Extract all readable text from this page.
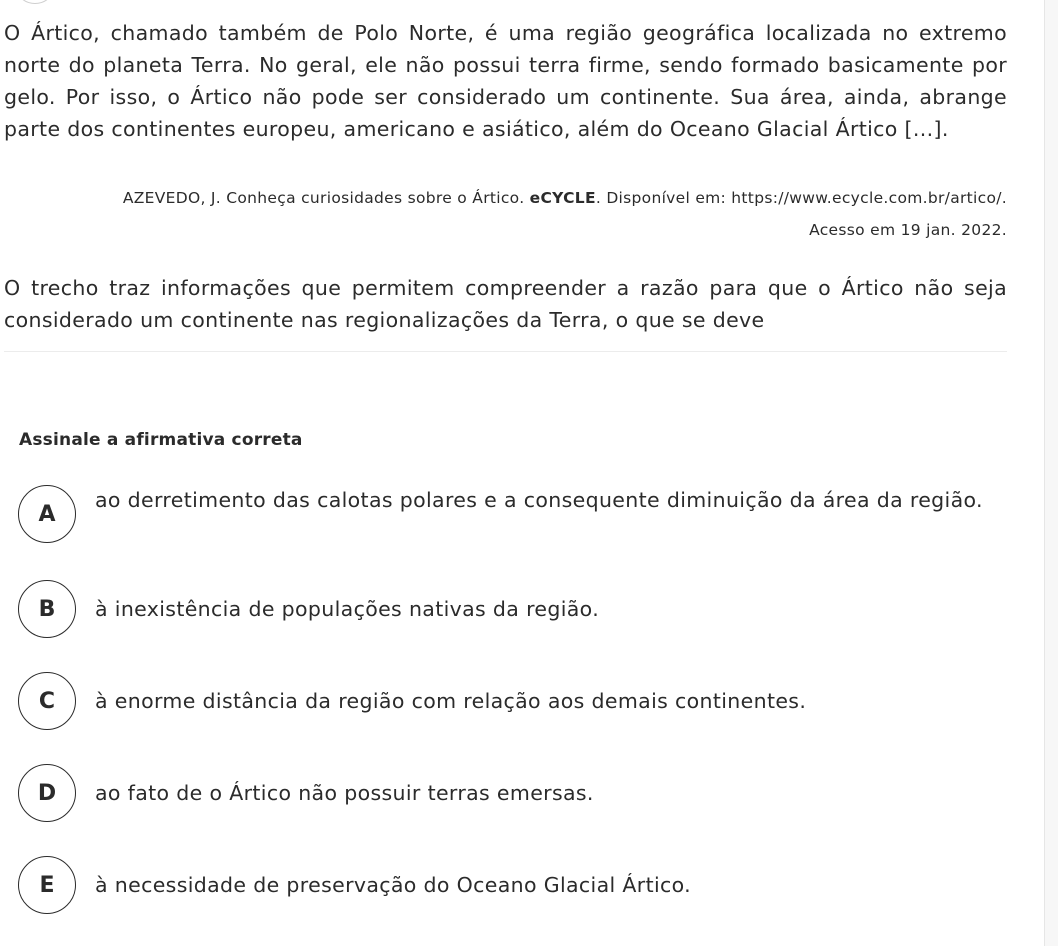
O Ártico, chamado também de Polo Norte, é uma região geográfica localizada no extremo norte do planeta Terra. No geral, ele não possui terra firme, sendo formado basicamente por gelo. Por isso, o Ártico não pode ser considerado um continente. Sua área, ainda, abrange parte dos continentes europeu, americano e asiático, além do Oceano Glacial Ártico [...].

AZEVEDO, J. Conheça curiosidades sobre o Ártico. eCYCLE. Disponível em: https://www.ecycle.com.br/artico/.
Acesso em 19 jan. 2022.

O trecho traz informações que permitem compreender a razão para que o Ártico não seja considerado um continente nas regionalizações da Terra, o que se deve

Assinale a afirmativa correta
A
ao derretimento das calotas polares e a consequente diminuição da área da região.
B	à inexistência de populações nativas da região.
C	à enorme distância da região com relação aos demais continentes.
D	ao fato de o Ártico não possuir terras emersas.
E	à necessidade de preservação do Oceano Glacial Ártico.
